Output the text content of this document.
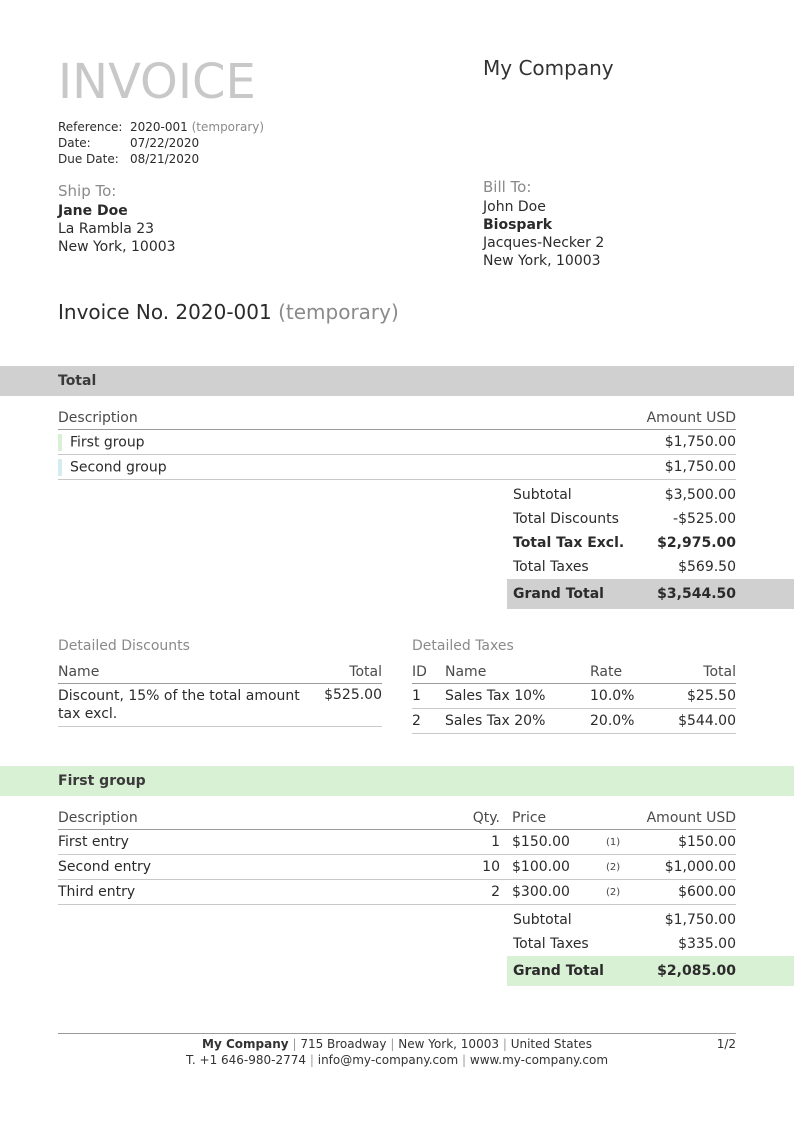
INVOICE	My Company
Reference: 2020-001
(temporary)
Date:	07/22/2020
Due Date: 08/21/2020
Ship To:
Jane Doe
La Rambla 23
New York, 10003
Bill To:
John Doe
Biospark
Jacques-Necker 2
New York, 10003
Invoice No. 2020-001 (temporary)
Total
Description	Amount USD
First group	$1,750.00
Second group	$1,750.00
Subtotal	$3,500.00
Total Discounts	-$525.00
Total Tax Excl.	$2,975.00
Total Taxes	$569.50
Grand Total	$3,544.50
Detailed Discounts
Name	Total
Discount, 15% of the total amount tax excl.	$525.00
Detailed Taxes
ID	Name	Rate	Total
1	Sales Tax 10%	10.0%	$25.50
2	Sales Tax 20%	20.0%	$544.00
First group
Description	Qty.	Price		Amount USD
First entry	1	$150.00	(1)	$150.00
Second entry	10	$100.00	(2)	$1,000.00
Third entry	2	$300.00	(2)	$600.00
Subtotal	$1,750.00
Total Taxes	$335.00
Grand Total	$2,085.00
My Company | 715 Broadway | New York, 10003 | United States
T. +1 646-980-2774 | info@my-company.com | www.my-company.com
1/2
